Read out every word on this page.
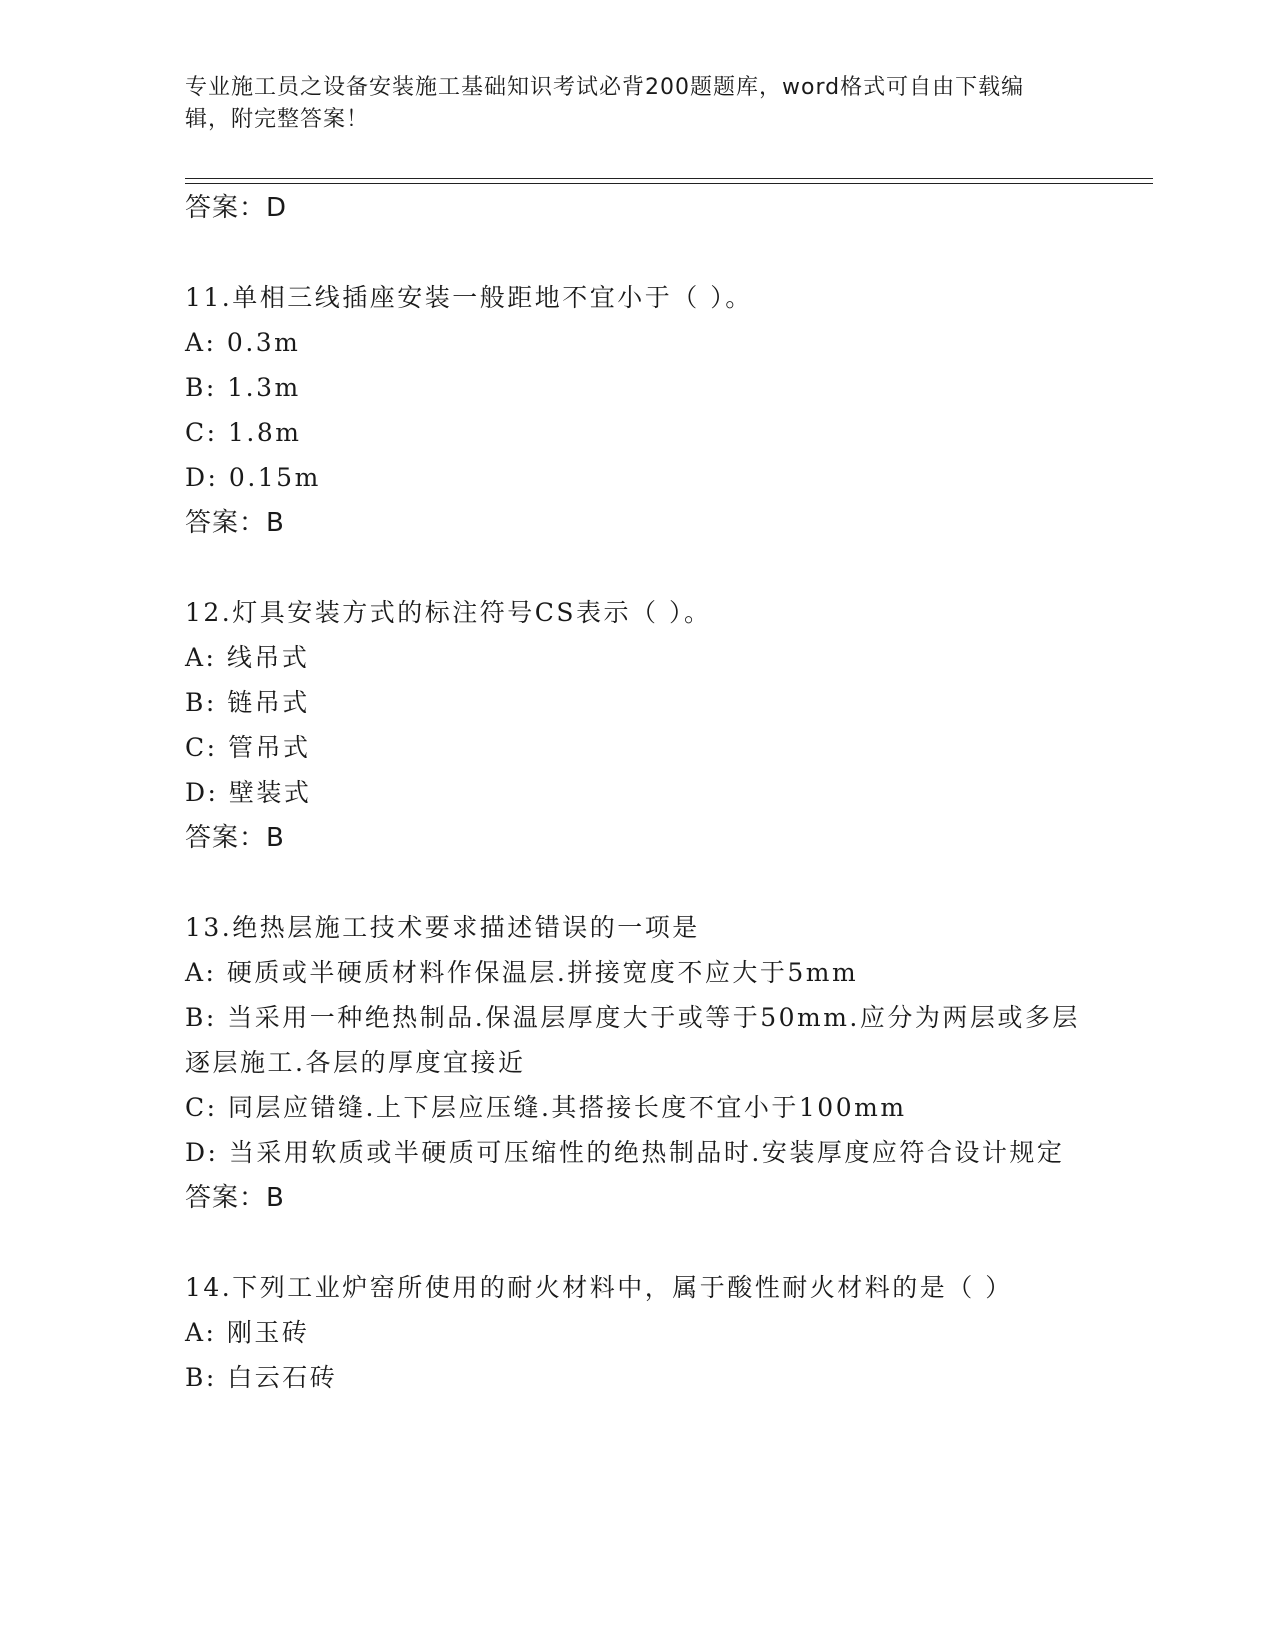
专业施工员之设备安装施工基础知识考试必背200题题库，word格式可自由下载编辑，附完整答案！
答案：D
11.单相三线插座安装一般距地不宜小于（ ）。
A: 0.3m
B: 1.3m
C: 1.8m
D: 0.15m
答案：B
12.灯具安装方式的标注符号CS表示（ ）。
A: 线吊式
B: 链吊式
C: 管吊式
D: 壁装式
答案：B
13.绝热层施工技术要求描述错误的一项是
A: 硬质或半硬质材料作保温层.拼接宽度不应大于5mm
B: 当采用一种绝热制品.保温层厚度大于或等于50mm.应分为两层或多层逐层施工.各层的厚度宜接近
C: 同层应错缝.上下层应压缝.其搭接长度不宜小于100mm
D: 当采用软质或半硬质可压缩性的绝热制品时.安装厚度应符合设计规定
答案：B
14.下列工业炉窑所使用的耐火材料中，属于酸性耐火材料的是（ ）
A: 刚玉砖
B: 白云石砖
